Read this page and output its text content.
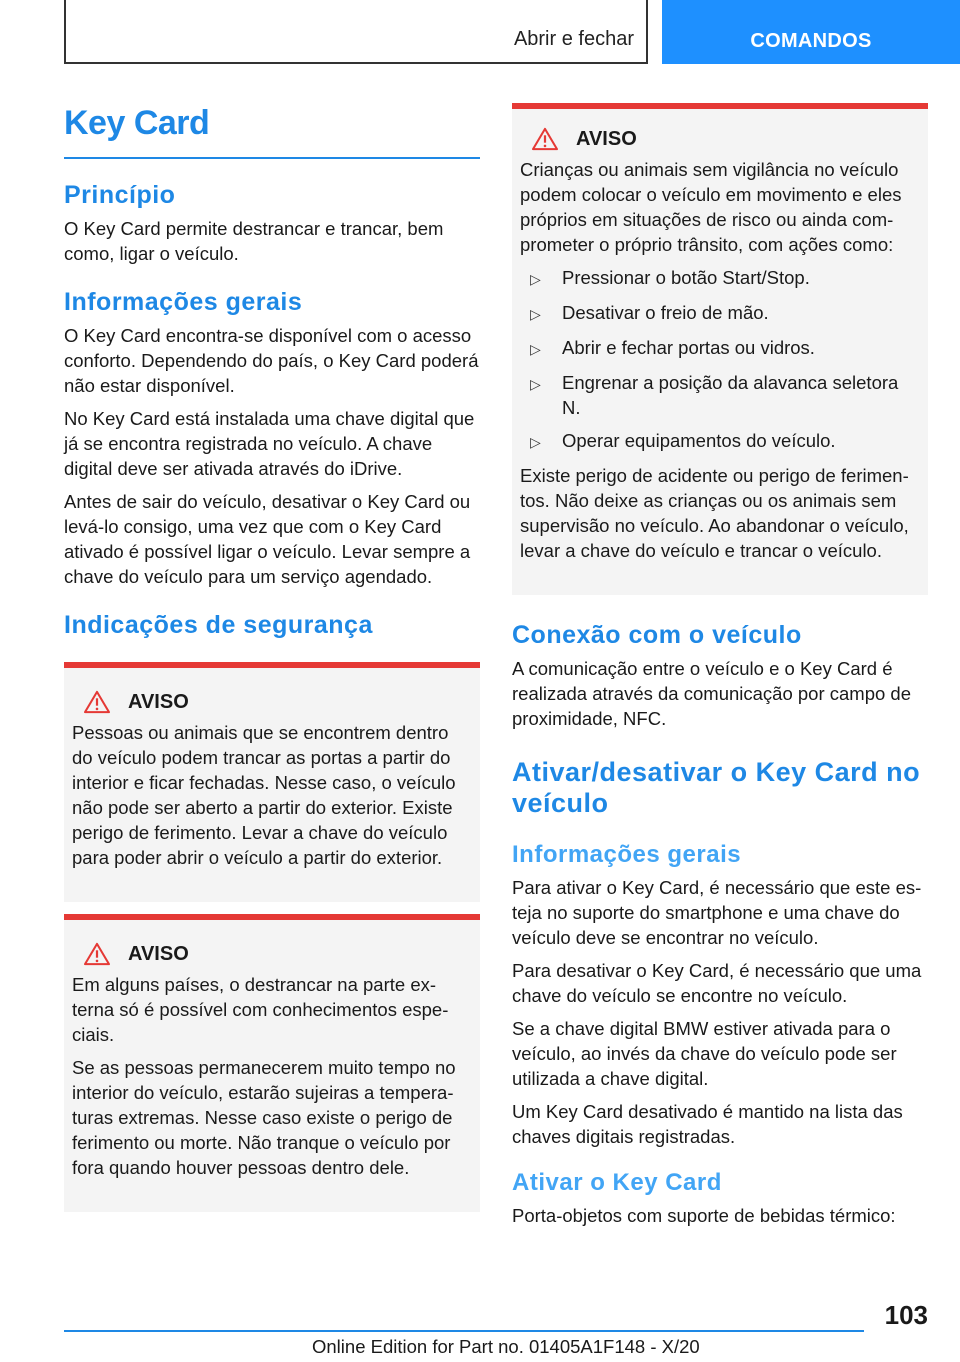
Abrir e fechar	COMANDOS
Key Card
Princípio

O Key Card permite destrancar e trancar, bem como, ligar o veículo.

Informações gerais

O Key Card encontra-se disponível com o acesso conforto. Dependendo do país, o Key Card poderá não estar disponível.

No Key Card está instalada uma chave digital que já se encontra registrada no veículo. A chave digital deve ser ativada através do iDrive.

Antes de sair do veículo, desativar o Key Card ou levá-lo consigo, uma vez que com o Key Card ativado é possível ligar o veículo. Levar sempre a chave do veículo para um serviço agendado.

Indicações de segurança
AVISO

Pessoas ou animais que se encontrem dentro do veículo podem trancar as portas a partir do interior e ficar fechadas. Nesse caso, o veículo não pode ser aberto a partir do exterior. Existe perigo de ferimento. Levar a chave do veículo para poder abrir o veículo a partir do exterior.

AVISO

Em alguns países, o destrancar na parte externa só é possível com conhecimentos especiais.

Se as pessoas permanecerem muito tempo no interior do veículo, estarão sujeiras a temperaturas extremas. Nesse caso existe o perigo de ferimento ou morte. Não tranque o veículo por fora quando houver pessoas dentro dele.

AVISO

Crianças ou animais sem vigilância no veículo podem colocar o veículo em movimento e eles próprios em situações de risco ou ainda comprometer o próprio trânsito, com ações como:

▷	Pressionar o botão Start/Stop.
▷	Desativar o freio de mão.
▷	Abrir e fechar portas ou vidros.
▷	Engrenar a posição da alavanca seletora N.
▷	Operar equipamentos do veículo.

Existe perigo de acidente ou perigo de ferimentos. Não deixe as crianças ou os animais sem supervisão no veículo. Ao abandonar o veículo, levar a chave do veículo e trancar o veículo.

Conexão com o veículo

A comunicação entre o veículo e o Key Card é realizada através da comunicação por campo de proximidade, NFC.

Ativar/desativar o Key Card no veículo
Informações gerais

Para ativar o Key Card, é necessário que este esteja no suporte do smartphone e uma chave do veículo deve se encontrar no veículo.

Para desativar o Key Card, é necessário que uma chave do veículo se encontre no veículo.

Se a chave digital BMW estiver ativada para o veículo, ao invés da chave do veículo pode ser utilizada a chave digital.

Um Key Card desativado é mantido na lista das chaves digitais registradas.

Ativar o Key Card

Porta-objetos com suporte de bebidas térmico:

103
Online Edition for Part no. 01405A1F148 - X/20
